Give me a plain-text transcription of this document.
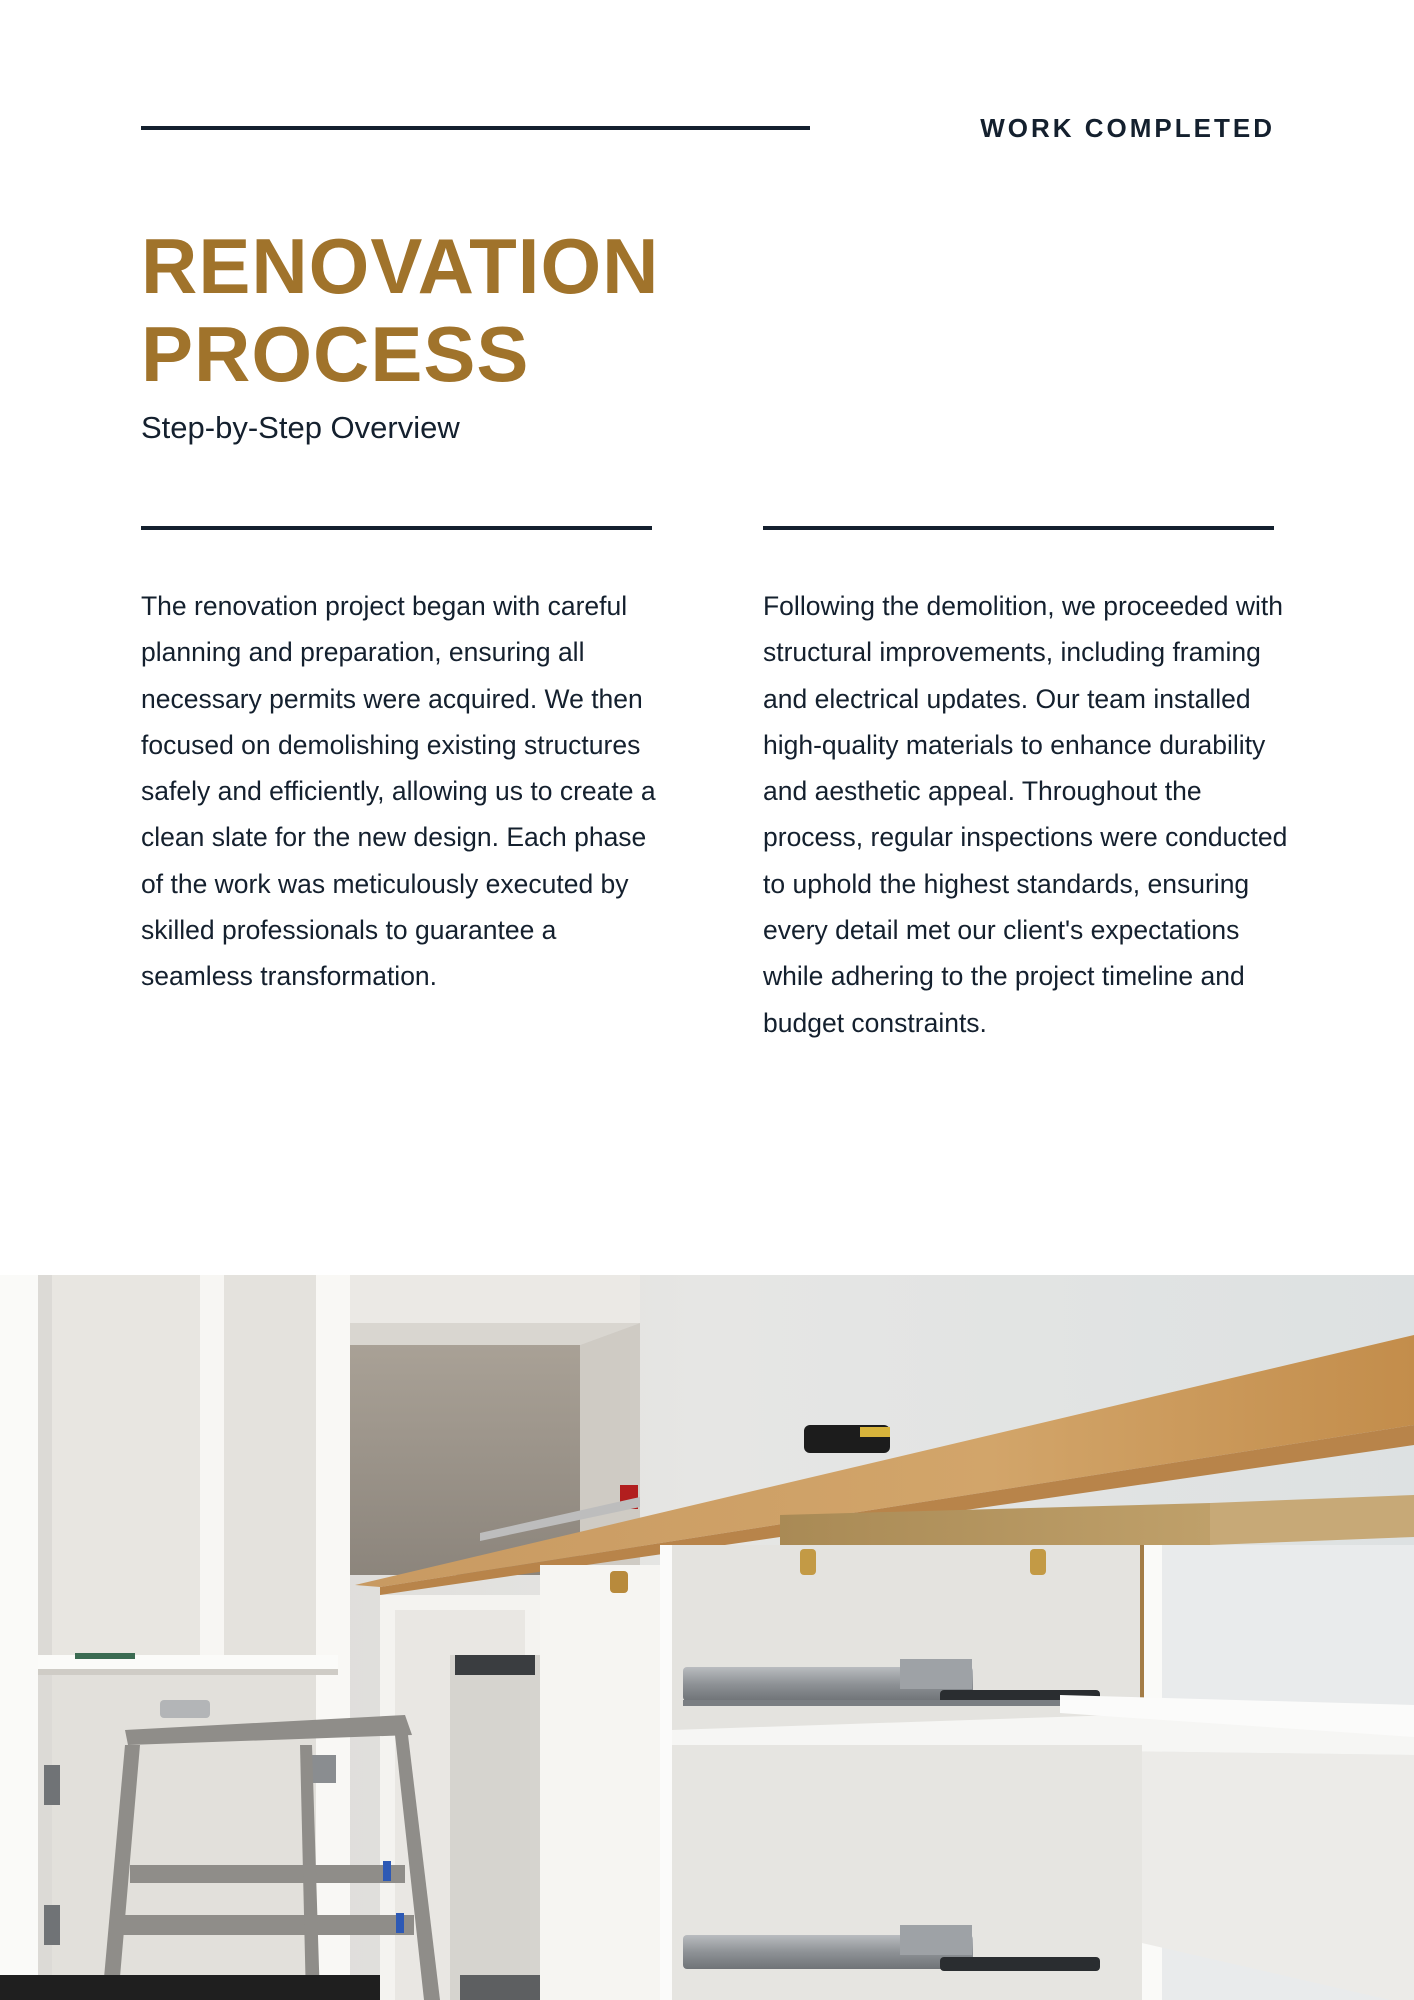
WORK COMPLETED
RENOVATION
PROCESS
Step-by-Step Overview

The renovation project began with careful planning and preparation, ensuring all necessary permits were acquired. We then focused on demolishing existing structures safely and efficiently, allowing us to create a clean slate for the new design. Each phase of the work was meticulously executed by skilled professionals to guarantee a seamless transformation.

Following the demolition, we proceeded with structural improvements, including framing and electrical updates. Our team installed high-quality materials to enhance durability and aesthetic appeal. Throughout the process, regular inspections were conducted to uphold the highest standards, ensuring every detail met our client's expectations while adhering to the project timeline and budget constraints.
